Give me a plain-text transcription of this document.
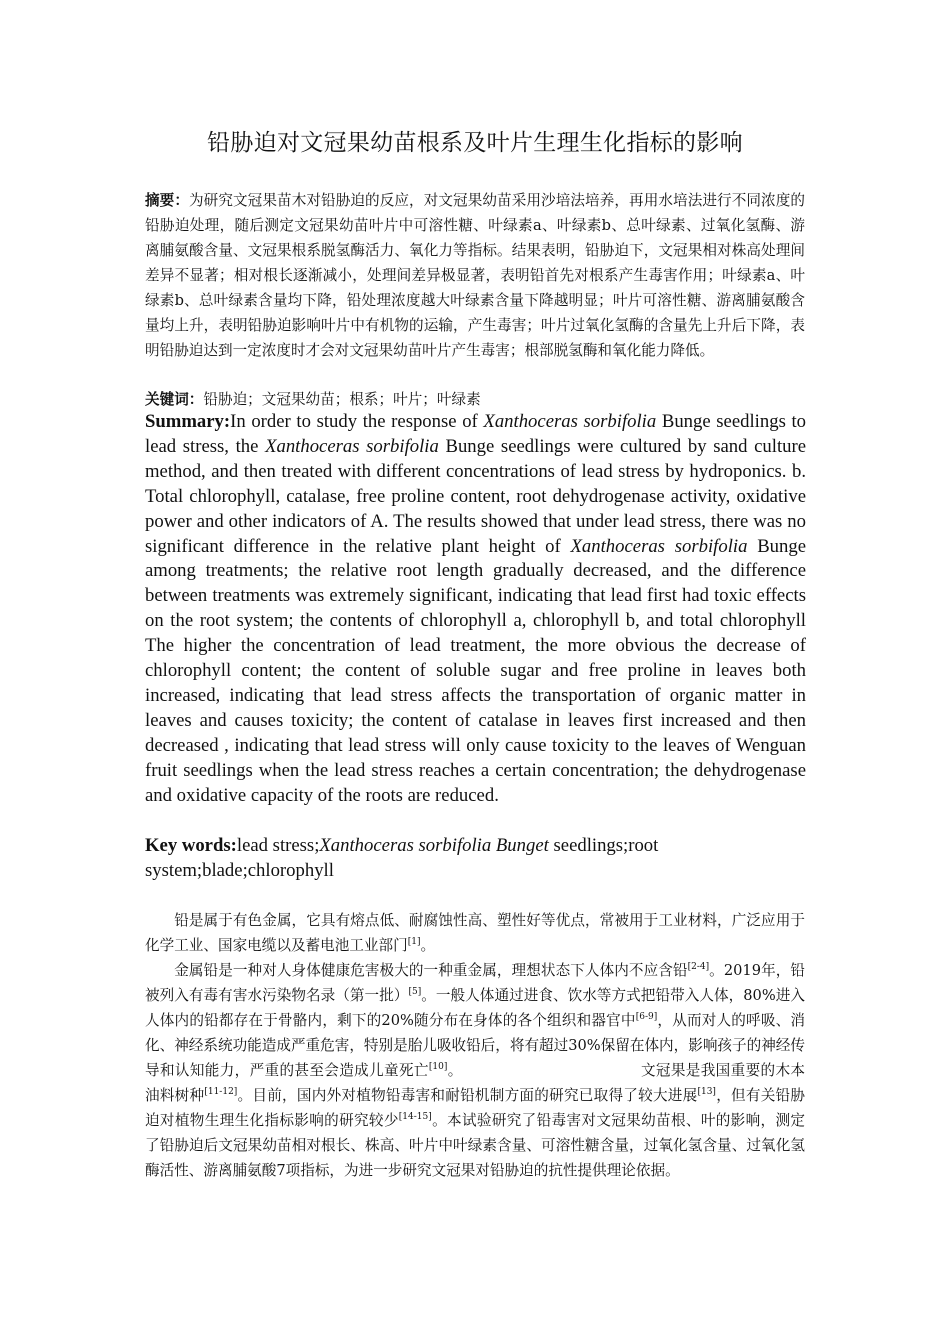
铅胁迫对文冠果幼苗根系及叶片生理生化指标的影响
摘要：为研究文冠果苗木对铅胁迫的反应，对文冠果幼苗采用沙培法培养，再用水培法进行不同浓度的铅胁迫处理，随后测定文冠果幼苗叶片中可溶性糖、叶绿素a、叶绿素b、总叶绿素、过氧化氢酶、游离脯氨酸含量、文冠果根系脱氢酶活力、氧化力等指标。结果表明，铅胁迫下，文冠果相对株高处理间差异不显著；相对根长逐渐减小，处理间差异极显著，表明铅首先对根系产生毒害作用；叶绿素a、叶绿素b、总叶绿素含量均下降，铅处理浓度越大叶绿素含量下降越明显；叶片可溶性糖、游离脯氨酸含量均上升，表明铅胁迫影响叶片中有机物的运输，产生毒害；叶片过氧化氢酶的含量先上升后下降，表明铅胁迫达到一定浓度时才会对文冠果幼苗叶片产生毒害；根部脱氢酶和氧化能力降低。
关键词：铅胁迫；文冠果幼苗；根系；叶片；叶绿素
Summary:In order to study the response of Xanthoceras sorbifolia Bunge seedlings to lead stress, the Xanthoceras sorbifolia Bunge seedlings were cultured by sand culture method, and then treated with different concentrations of lead stress by hydroponics. b. Total chlorophyll, catalase, free proline content, root dehydrogenase activity, oxidative power and other indicators of A. The results showed that under lead stress, there was no significant difference in the relative plant height of Xanthoceras sorbifolia Bunge among treatments; the relative root length gradually decreased, and the difference between treatments was extremely significant, indicating that lead first had toxic effects on the root system; the contents of chlorophyll a, chlorophyll b, and total chlorophyll The higher the concentration of lead treatment, the more obvious the decrease of chlorophyll content; the content of soluble sugar and free proline in leaves both increased, indicating that lead stress affects the transportation of organic matter in leaves and causes toxicity; the content of catalase in leaves first increased and then decreased , indicating that lead stress will only cause toxicity to the leaves of Wenguan fruit seedlings when the lead stress reaches a certain concentration; the dehydrogenase and oxidative capacity of the roots are reduced.
Key words:lead stress;Xanthoceras sorbifolia Bunget seedlings;root system;blade;chlorophyll

铅是属于有色金属，它具有熔点低、耐腐蚀性高、塑性好等优点，常被用于工业材料，广泛应用于化学工业、国家电缆以及蓄电池工业部门[1]。

金属铅是一种对人身体健康危害极大的一种重金属，理想状态下人体内不应含铅[2-4]。2019年，铅被列入有毒有害水污染物名录（第一批）[5]。一般人体通过进食、饮水等方式把铅带入人体，80%进入人体内的铅都存在于骨骼内，剩下的20%随分布在身体的各个组织和器官中[6-9]，从而对人的呼吸、消化、神经系统功能造成严重危害，特别是胎儿吸收铅后，将有超过30%保留在体内，影响孩子的神经传导和认知能力，严重的甚至会造成儿童死亡[10]。	文冠果是我国重要的木本油料树种[11-12]。目前，国内外对植物铅毒害和耐铅机制方面的研究已取得了较大进展[13]，但有关铅胁迫对植物生理生化指标影响的研究较少[14-15]。本试验研究了铅毒害对文冠果幼苗根、叶的影响，测定了铅胁迫后文冠果幼苗相对根长、株高、叶片中叶绿素含量、可溶性糖含量，过氧化氢含量、过氧化氢酶活性、游离脯氨酸7项指标，为进一步研究文冠果对铅胁迫的抗性提供理论依据。
